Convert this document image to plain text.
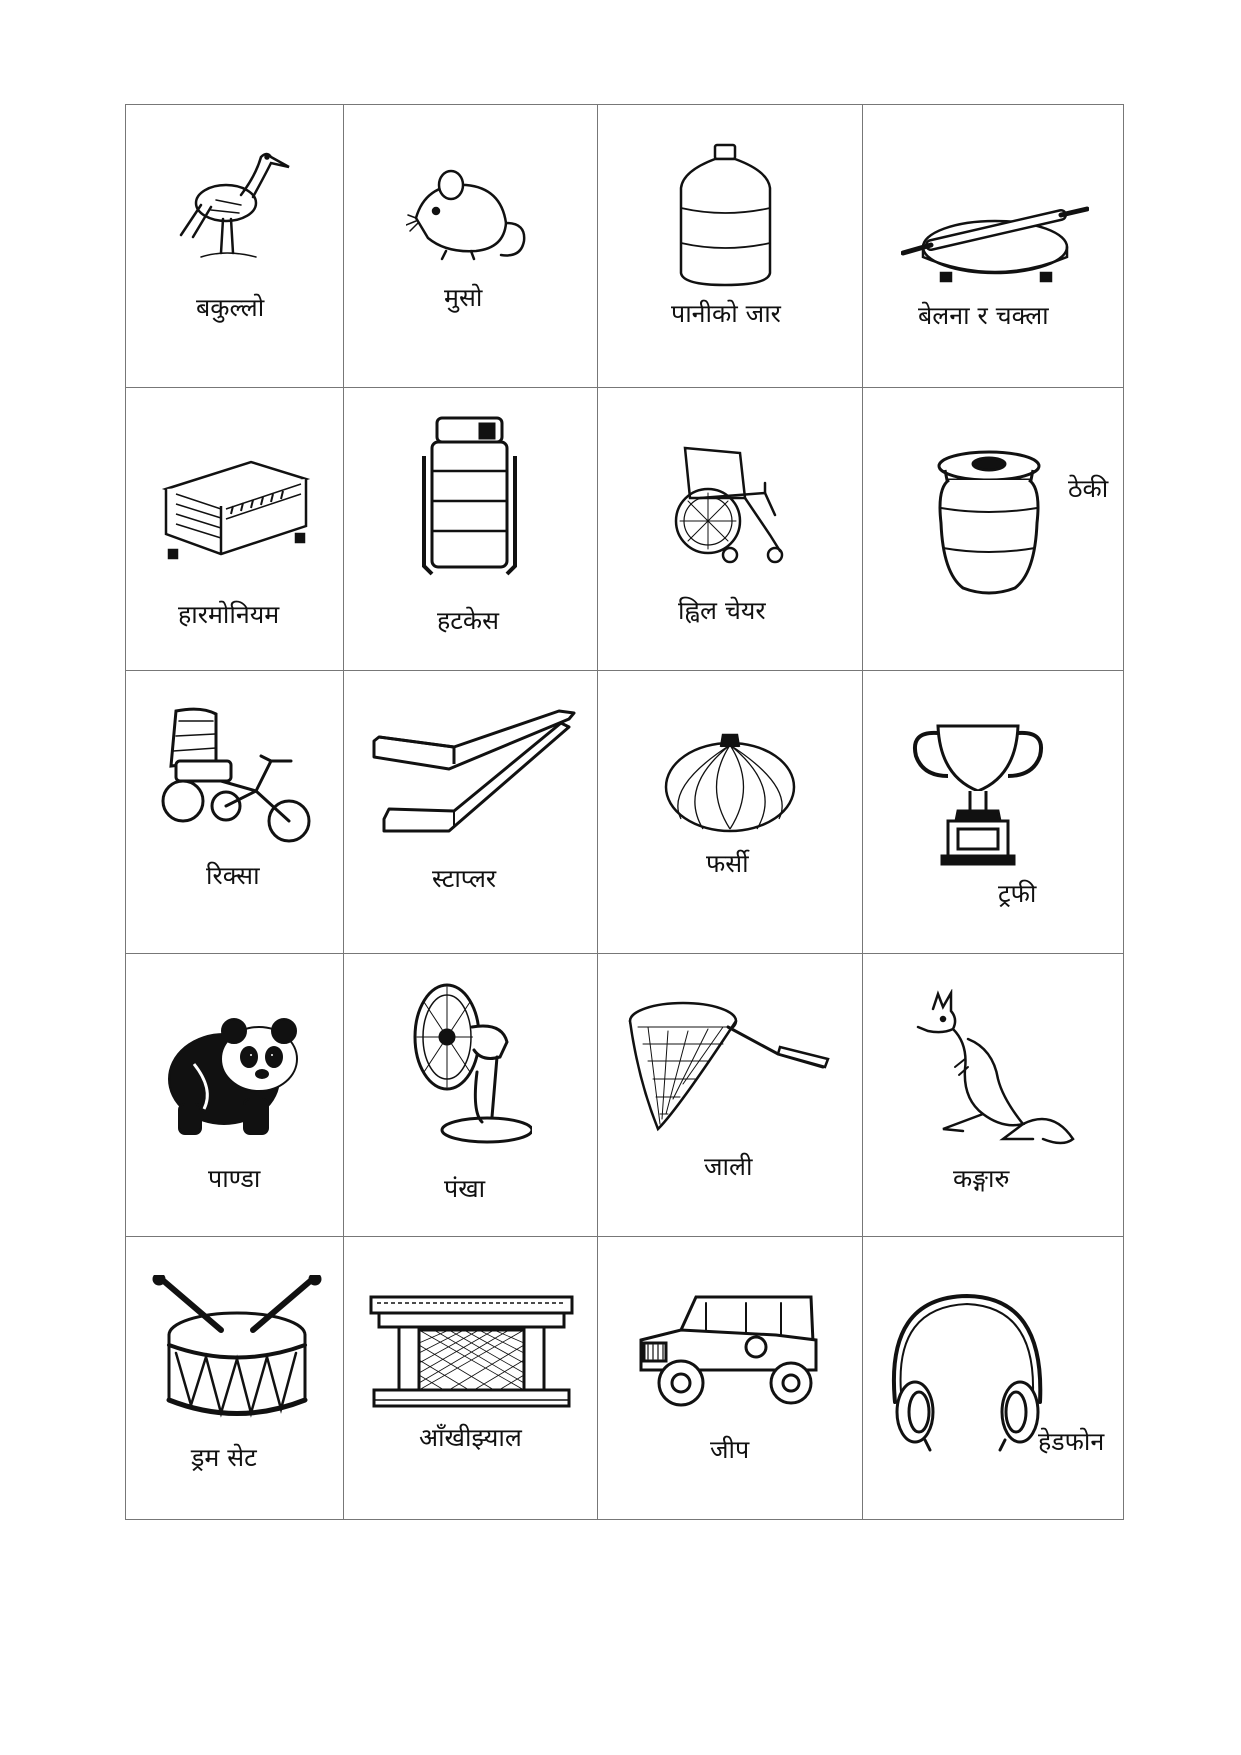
बकुल्लो	मुसो	पानीको जार	बेलना र चक्ला

हारमोनियम	हटकेस	ह्विल चेयर	ठेकी

रिक्सा	स्टाप्लर	फर्सी	ट्रफी

पाण्डा	पंखा	जाली	कङ्गारु

ड्रम सेट	आँखीझ्याल	जीप	हेडफोन
